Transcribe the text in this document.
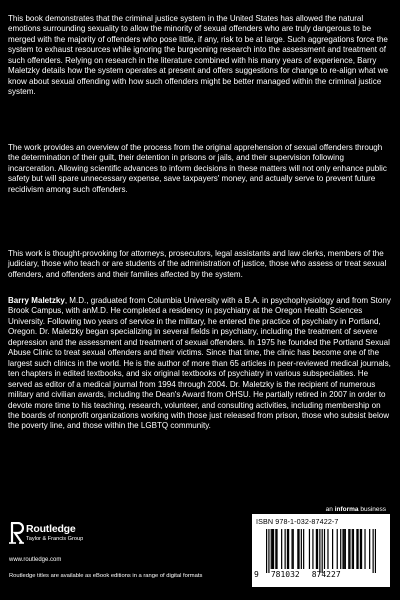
This book demonstrates that the criminal justice system in the United States has allowed the natural emotions surrounding sexuality to allow the minority of sexual offenders who are truly dangerous to be merged with the majority of offenders who pose little, if any, risk to be at large. Such aggregations force the system to exhaust resources while ignoring the burgeoning research into the assessment and treatment of such offenders. Relying on research in the literature combined with his many years of experience, Barry Maletzky details how the system operates at present and offers suggestions for change to re-align what we know about sexual offending with how such offenders might be better managed within the criminal justice system.

The work provides an overview of the process from the original apprehension of sexual offenders through the determination of their guilt, their detention in prisons or jails, and their supervision following incarceration. Allowing scientific advances to inform decisions in these matters will not only enhance public safety but will spare unnecessary expense, save taxpayers' money, and actually serve to prevent future recidivism among such offenders.

This work is thought-provoking for attorneys, prosecutors, legal assistants and law clerks, members of the judiciary, those who teach or are students of the administration of justice, those who assess or treat sexual offenders, and offenders and their families affected by the system.

Barry Maletzky, M.D., graduated from Columbia University with a B.A. in psychophysiology and from Stony Brook Campus, with anM.D. He completed a residency in psychiatry at the Oregon Health Sciences University. Following two years of service in the military, he entered the practice of psychiatry in Portland, Oregon. Dr. Maletzky began specializing in several fields in psychiatry, including the treatment of severe depression and the assessment and treatment of sexual offenders. In 1975 he founded the Portland Sexual Abuse Clinic to treat sexual offenders and their victims. Since that time, the clinic has become one of the largest such clinics in the world. He is the author of more than 65 articles in peer-reviewed medical journals, ten chapters in edited textbooks, and six original textbooks of psychiatry in various subspecialties. He served as editor of a medical journal from 1994 through 2004. Dr. Maletzky is the recipient of numerous military and civilian awards, including the Dean's Award from OHSU. He partially retired in 2007 in order to devote more time to his teaching, research, volunteer, and consulting activities, including membership on the boards of nonprofit organizations working with those just released from prison, those who subsist below the poverty line, and those within the LGBTQ community.

an informa business
Routledge
Taylor & Francis Group
www.routledge.com
Routledge titles are available as eBook editions in a range of digital formats
ISBN 978-1-032-87422-7
9 781032 874227
